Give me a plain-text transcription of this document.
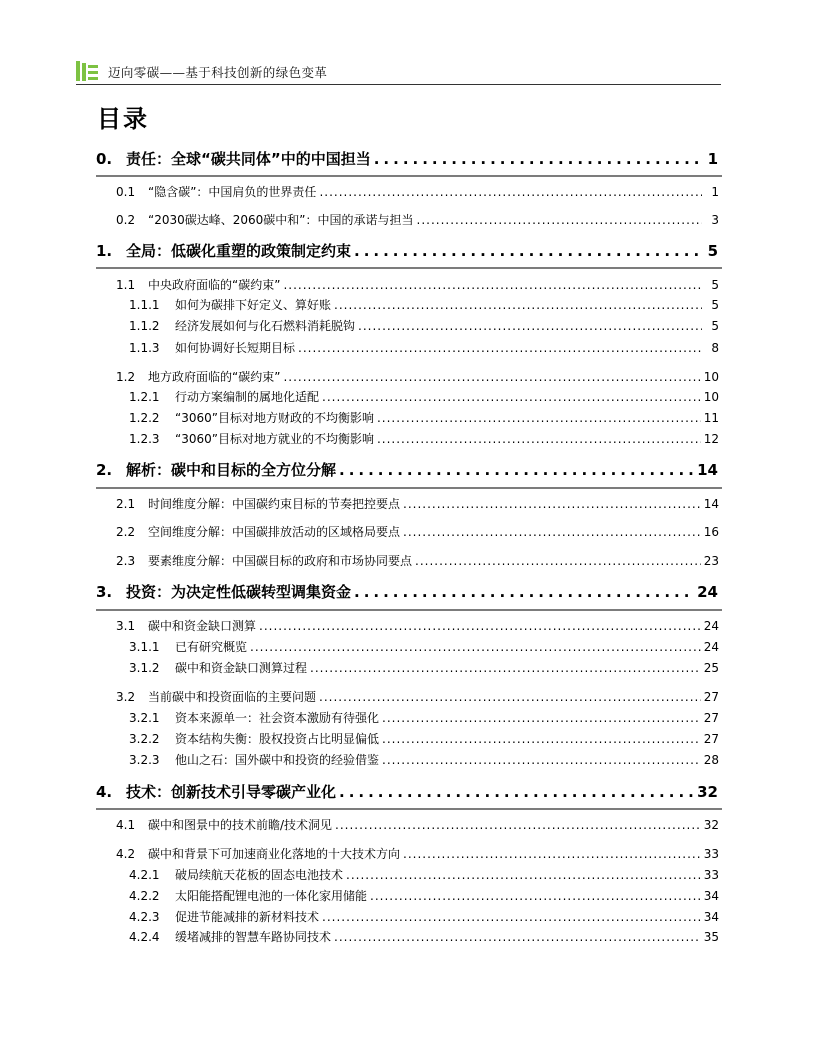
迈向零碳——基于科技创新的绿色变革
目录
0. 责任：全球“碳共同体”中的中国担当 .....	1
0.1	“隐含碳”：中国肩负的世界责任 .....	1
0.2	“2030碳达峰、2060碳中和”：中国的承诺与担当 .....	3
1. 全局：低碳化重塑的政策制定约束 .....	5
1.1	中央政府面临的“碳约束” .....	5
1.1.1	如何为碳排下好定义、算好账 .....	5
1.1.2	经济发展如何与化石燃料消耗脱钩 .....	5
1.1.3	如何协调好长短期目标 .....	8
1.2	地方政府面临的“碳约束” .....	10
1.2.1	行动方案编制的属地化适配 .....	10
1.2.2	“3060”目标对地方财政的不均衡影响 .....	11
1.2.3	“3060”目标对地方就业的不均衡影响 .....	12
2. 解析：碳中和目标的全方位分解 .....	14
2.1	时间维度分解：中国碳约束目标的节奏把控要点 .....	14
2.2	空间维度分解：中国碳排放活动的区域格局要点 .....	16
2.3	要素维度分解：中国碳目标的政府和市场协同要点 .....	23
3. 投资：为决定性低碳转型调集资金 .....	24
3.1	碳中和资金缺口测算 .....	24
3.1.1	已有研究概览 .....	24
3.1.2	碳中和资金缺口测算过程 .....	25
3.2	当前碳中和投资面临的主要问题 .....	27
3.2.1	资本来源单一：社会资本激励有待强化 .....	27
3.2.2	资本结构失衡：股权投资占比明显偏低 .....	27
3.2.3	他山之石：国外碳中和投资的经验借鉴 .....	28
4. 技术：创新技术引导零碳产业化 .....	32
4.1	碳中和图景中的技术前瞻/技术洞见 .....	32
4.2	碳中和背景下可加速商业化落地的十大技术方向 .....	33
4.2.1	破局续航天花板的固态电池技术 .....	33
4.2.2	太阳能搭配锂电池的一体化家用储能 .....	34
4.2.3	促进节能减排的新材料技术 .....	34
4.2.4	缓堵减排的智慧车路协同技术 .....	35
